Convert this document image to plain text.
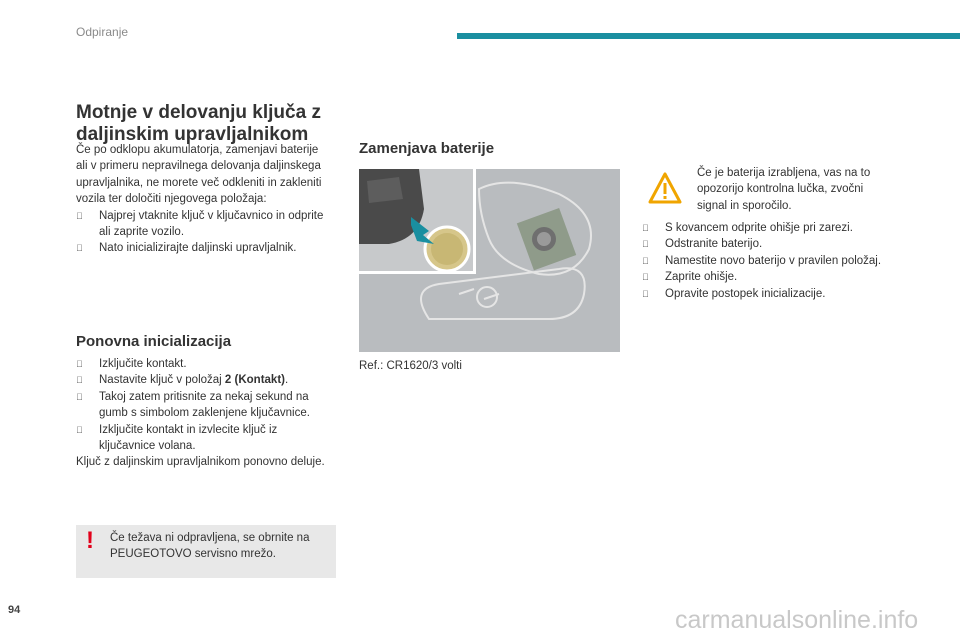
Odpiranje
Motnje v delovanju ključa z daljinskim upravljalnikom
Če po odklopu akumulatorja, zamenjavi baterije ali v primeru nepravilnega delovanja daljinskega upravljalnika, ne morete več odkleniti in zakleniti vozila ter določiti njegovega položaja:
Najprej vtaknite ključ v ključavnico in odprite ali zaprite vozilo.
Nato inicializirajte daljinski upravljalnik.
Ponovna inicializacija
Izključite kontakt.
Nastavite ključ v položaj 2 (Kontakt).
Takoj zatem pritisnite za nekaj sekund na gumb s simbolom zaklenjene ključavnice.
Izključite kontakt in izvlecite ključ iz ključavnice volana.
Ključ z daljinskim upravljalnikom ponovno deluje.
! Če težava ni odpravljena, se obrnite na PEUGEOTOVO servisno mrežo.
Zamenjava baterije
Ref.: CR1620/3 volti
Če je baterija izrabljena, vas na to opozorijo kontrolna lučka, zvočni signal in sporočilo.
S kovancem odprite ohišje pri zarezi.
Odstranite baterijo.
Namestite novo baterijo v pravilen položaj.
Zaprite ohišje.
Opravite postopek inicializacije.
94	carmanualsonline.info
